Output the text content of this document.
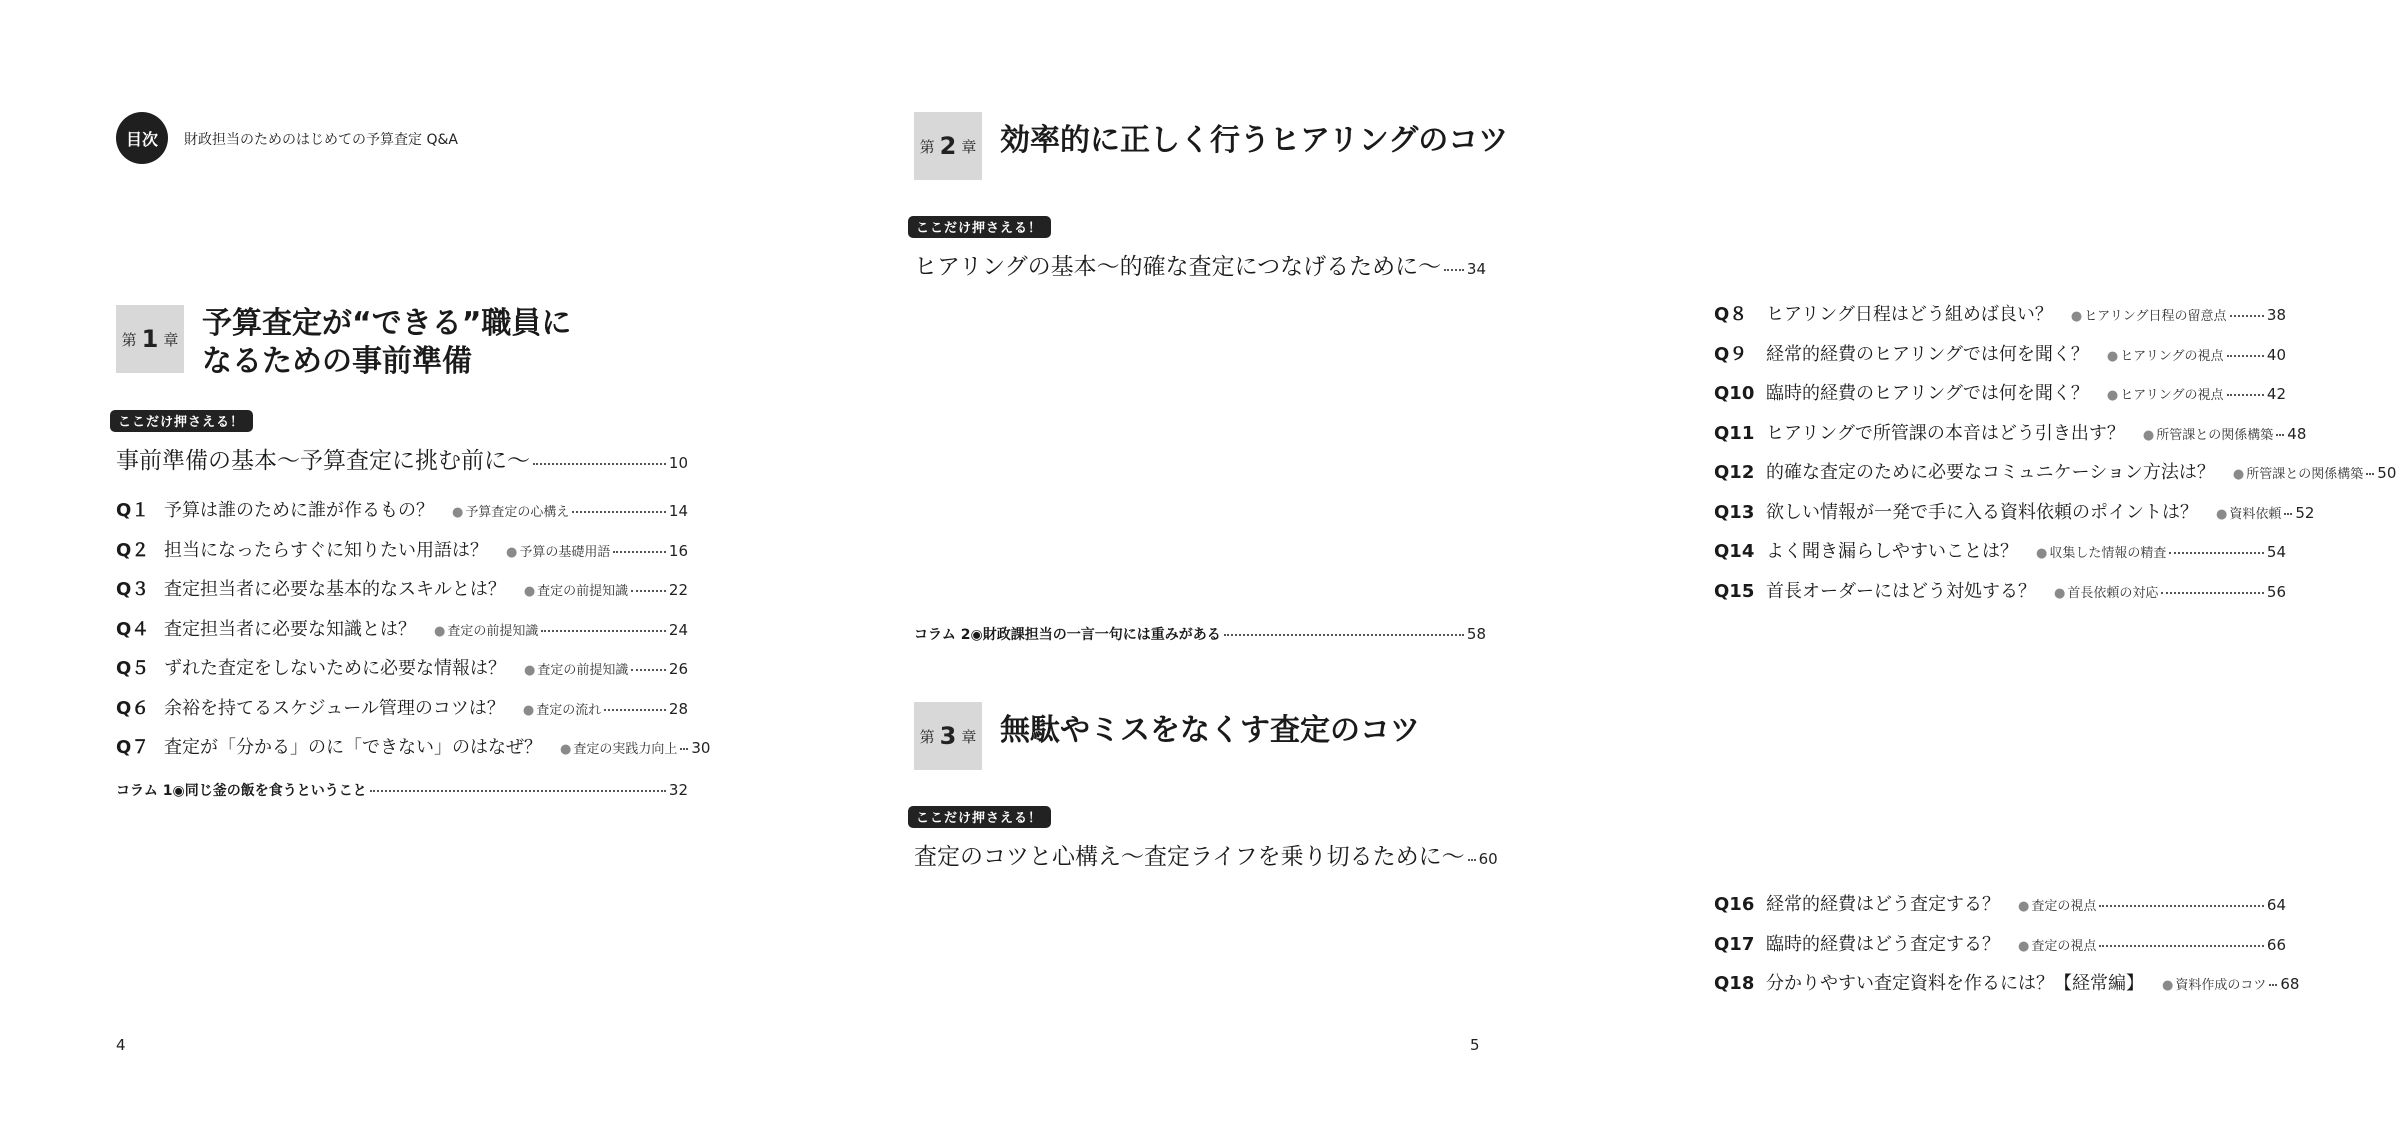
目次	財政担当のためのはじめての予算査定 Q&A
第 1 章 予算査定が“できる”職員に
なるための事前準備
ここだけ押さえる！
事前準備の基本～予算査定に挑む前に～	10
Q１ 予算は誰のために誰が作るもの？	● 予算査定の心構え	14
Q２ 担当になったらすぐに知りたい用語は？	● 予算の基礎用語	16
Q３ 査定担当者に必要な基本的なスキルとは？	● 査定の前提知識	22
Q４ 査定担当者に必要な知識とは？	● 査定の前提知識	24
Q５ ずれた査定をしないために必要な情報は？	● 査定の前提知識	26
Q６ 余裕を持てるスケジュール管理のコツは？	● 査定の流れ	28
Q７ 査定が「分かる」のに「できない」のはなぜ？	● 査定の実践力向上 30
コラム 1◉同じ釜の飯を食うということ	32
4
第 2 章 効率的に正しく行うヒアリングのコツ
ここだけ押さえる！
ヒアリングの基本～的確な査定につなげるために～ 34
Q８	ヒアリング日程はどう組めば良い？	● ヒアリング日程の留意点	38
Q９	経常的経費のヒアリングでは何を聞く？	● ヒアリングの視点	40
Q10 臨時的経費のヒアリングでは何を聞く？	● ヒアリングの視点	42
Q11 ヒアリングで所管課の本音はどう引き出す？	● 所管課との関係構築 48
Q12 的確な査定のために必要なコミュニケーション方法は？	● 所管課との関係構築 50
Q13 欲しい情報が一発で手に入る資料依頼のポイントは？	● 資料依頼 52
Q14 よく聞き漏らしやすいことは？	● 収集した情報の精査	54
Q15 首長オーダーにはどう対処する？	● 首長依頼の対応	56
コラム 2◉財政課担当の一言一句には重みがある	58
第 3 章 無駄やミスをなくす査定のコツ
ここだけ押さえる！
査定のコツと心構え～査定ライフを乗り切るために～ 60
Q16 経常的経費はどう査定する？	● 査定の視点	64
Q17 臨時的経費はどう査定する？	● 査定の視点	66
Q18 分かりやすい査定資料を作るには？【経常編】	● 資料作成のコツ 68
5
